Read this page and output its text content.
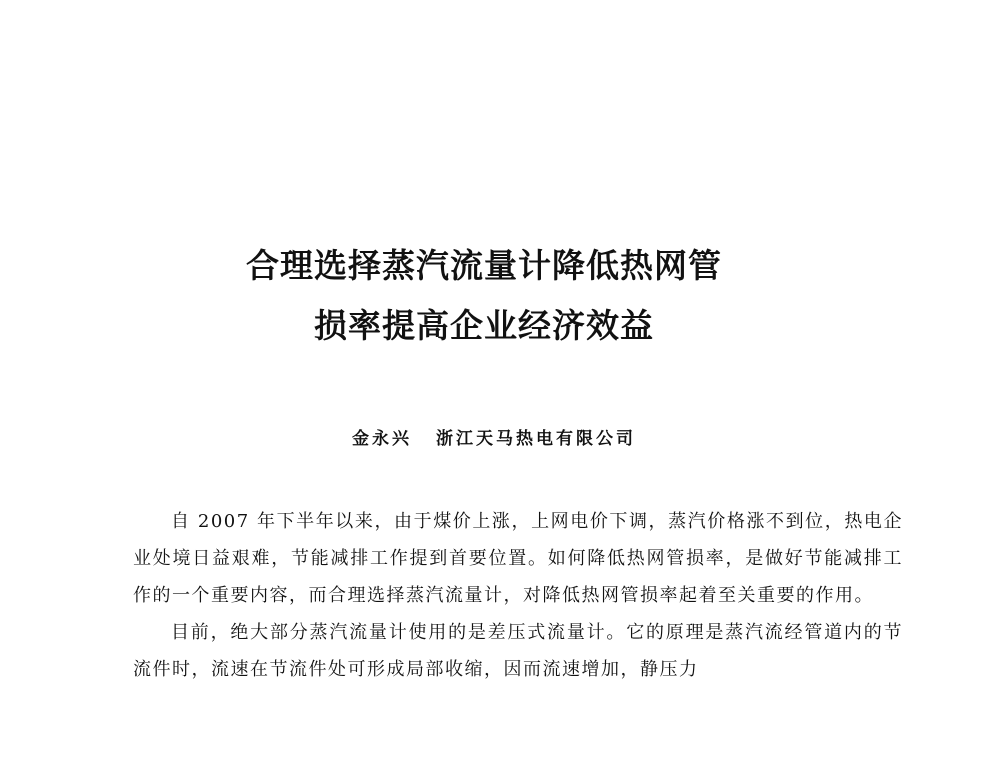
合理选择蒸汽流量计降低热网管
损率提高企业经济效益
金永兴 浙江天马热电有限公司

自 2007 年下半年以来，由于煤价上涨，上网电价下调，蒸汽价格涨不到位，热电企业处境日益艰难，节能减排工作提到首要位置。如何降低热网管损率，是做好节能减排工作的一个重要内容，而合理选择蒸汽流量计，对降低热网管损率起着至关重要的作用。

目前，绝大部分蒸汽流量计使用的是差压式流量计。它的原理是蒸汽流经管道内的节流件时，流速在节流件处可形成局部收缩，因而流速增加，静压力
